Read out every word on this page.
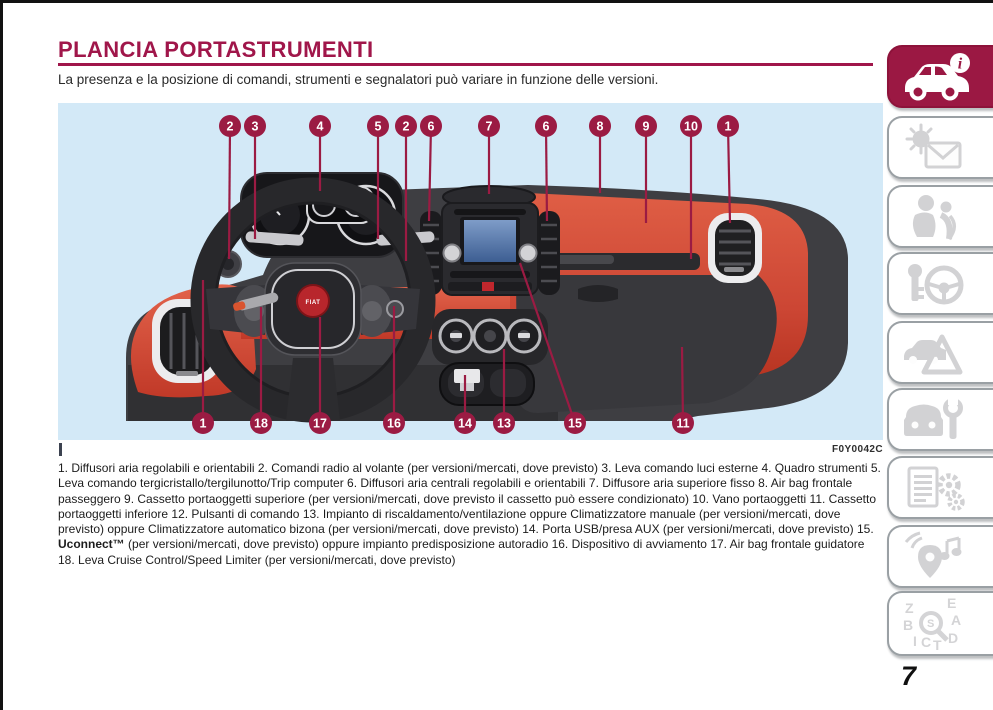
PLANCIA PORTASTRUMENTI

La presenza e la posizione di comandi, strumenti e segnalatori può variare in funzione delle versioni.

FIAT
2 3	4	5 2 6	7	6	8	9	10 1
1	18	17	16	14 13	15	11
F0Y0042C

1. Diffusori aria regolabili e orientabili 2. Comandi radio al volante (per versioni/mercati, dove previsto) 3. Leva comando luci esterne 4. Quadro strumenti 5. Leva comando tergicristallo/tergilunotto/Trip computer 6. Diffusori aria centrali regolabili e orientabili 7. Diffusore aria superiore fisso 8. Air bag frontale passeggero 9. Cassetto portaoggetti superiore (per versioni/mercati, dove previsto il cassetto può essere condizionato) 10. Vano portaoggetti 11. Cassetto portaoggetti inferiore 12. Pulsanti di comando 13. Impianto di riscaldamento/ventilazione oppure Climatizzatore manuale (per versioni/mercati, dove previsto) oppure Climatizzatore automatico bizona (per versioni/mercati, dove previsto) 14. Porta USB/presa AUX (per versioni/mercati, dove previsto) 15. Uconnect™ (per versioni/mercati, dove previsto) oppure impianto predisposizione autoradio 16. Dispositivo di avviamento 17. Air bag frontale guidatore 18. Leva Cruise Control/Speed Limiter (per versioni/mercati, dove previsto)

i
Z E
B	A
I C T D
S
7
